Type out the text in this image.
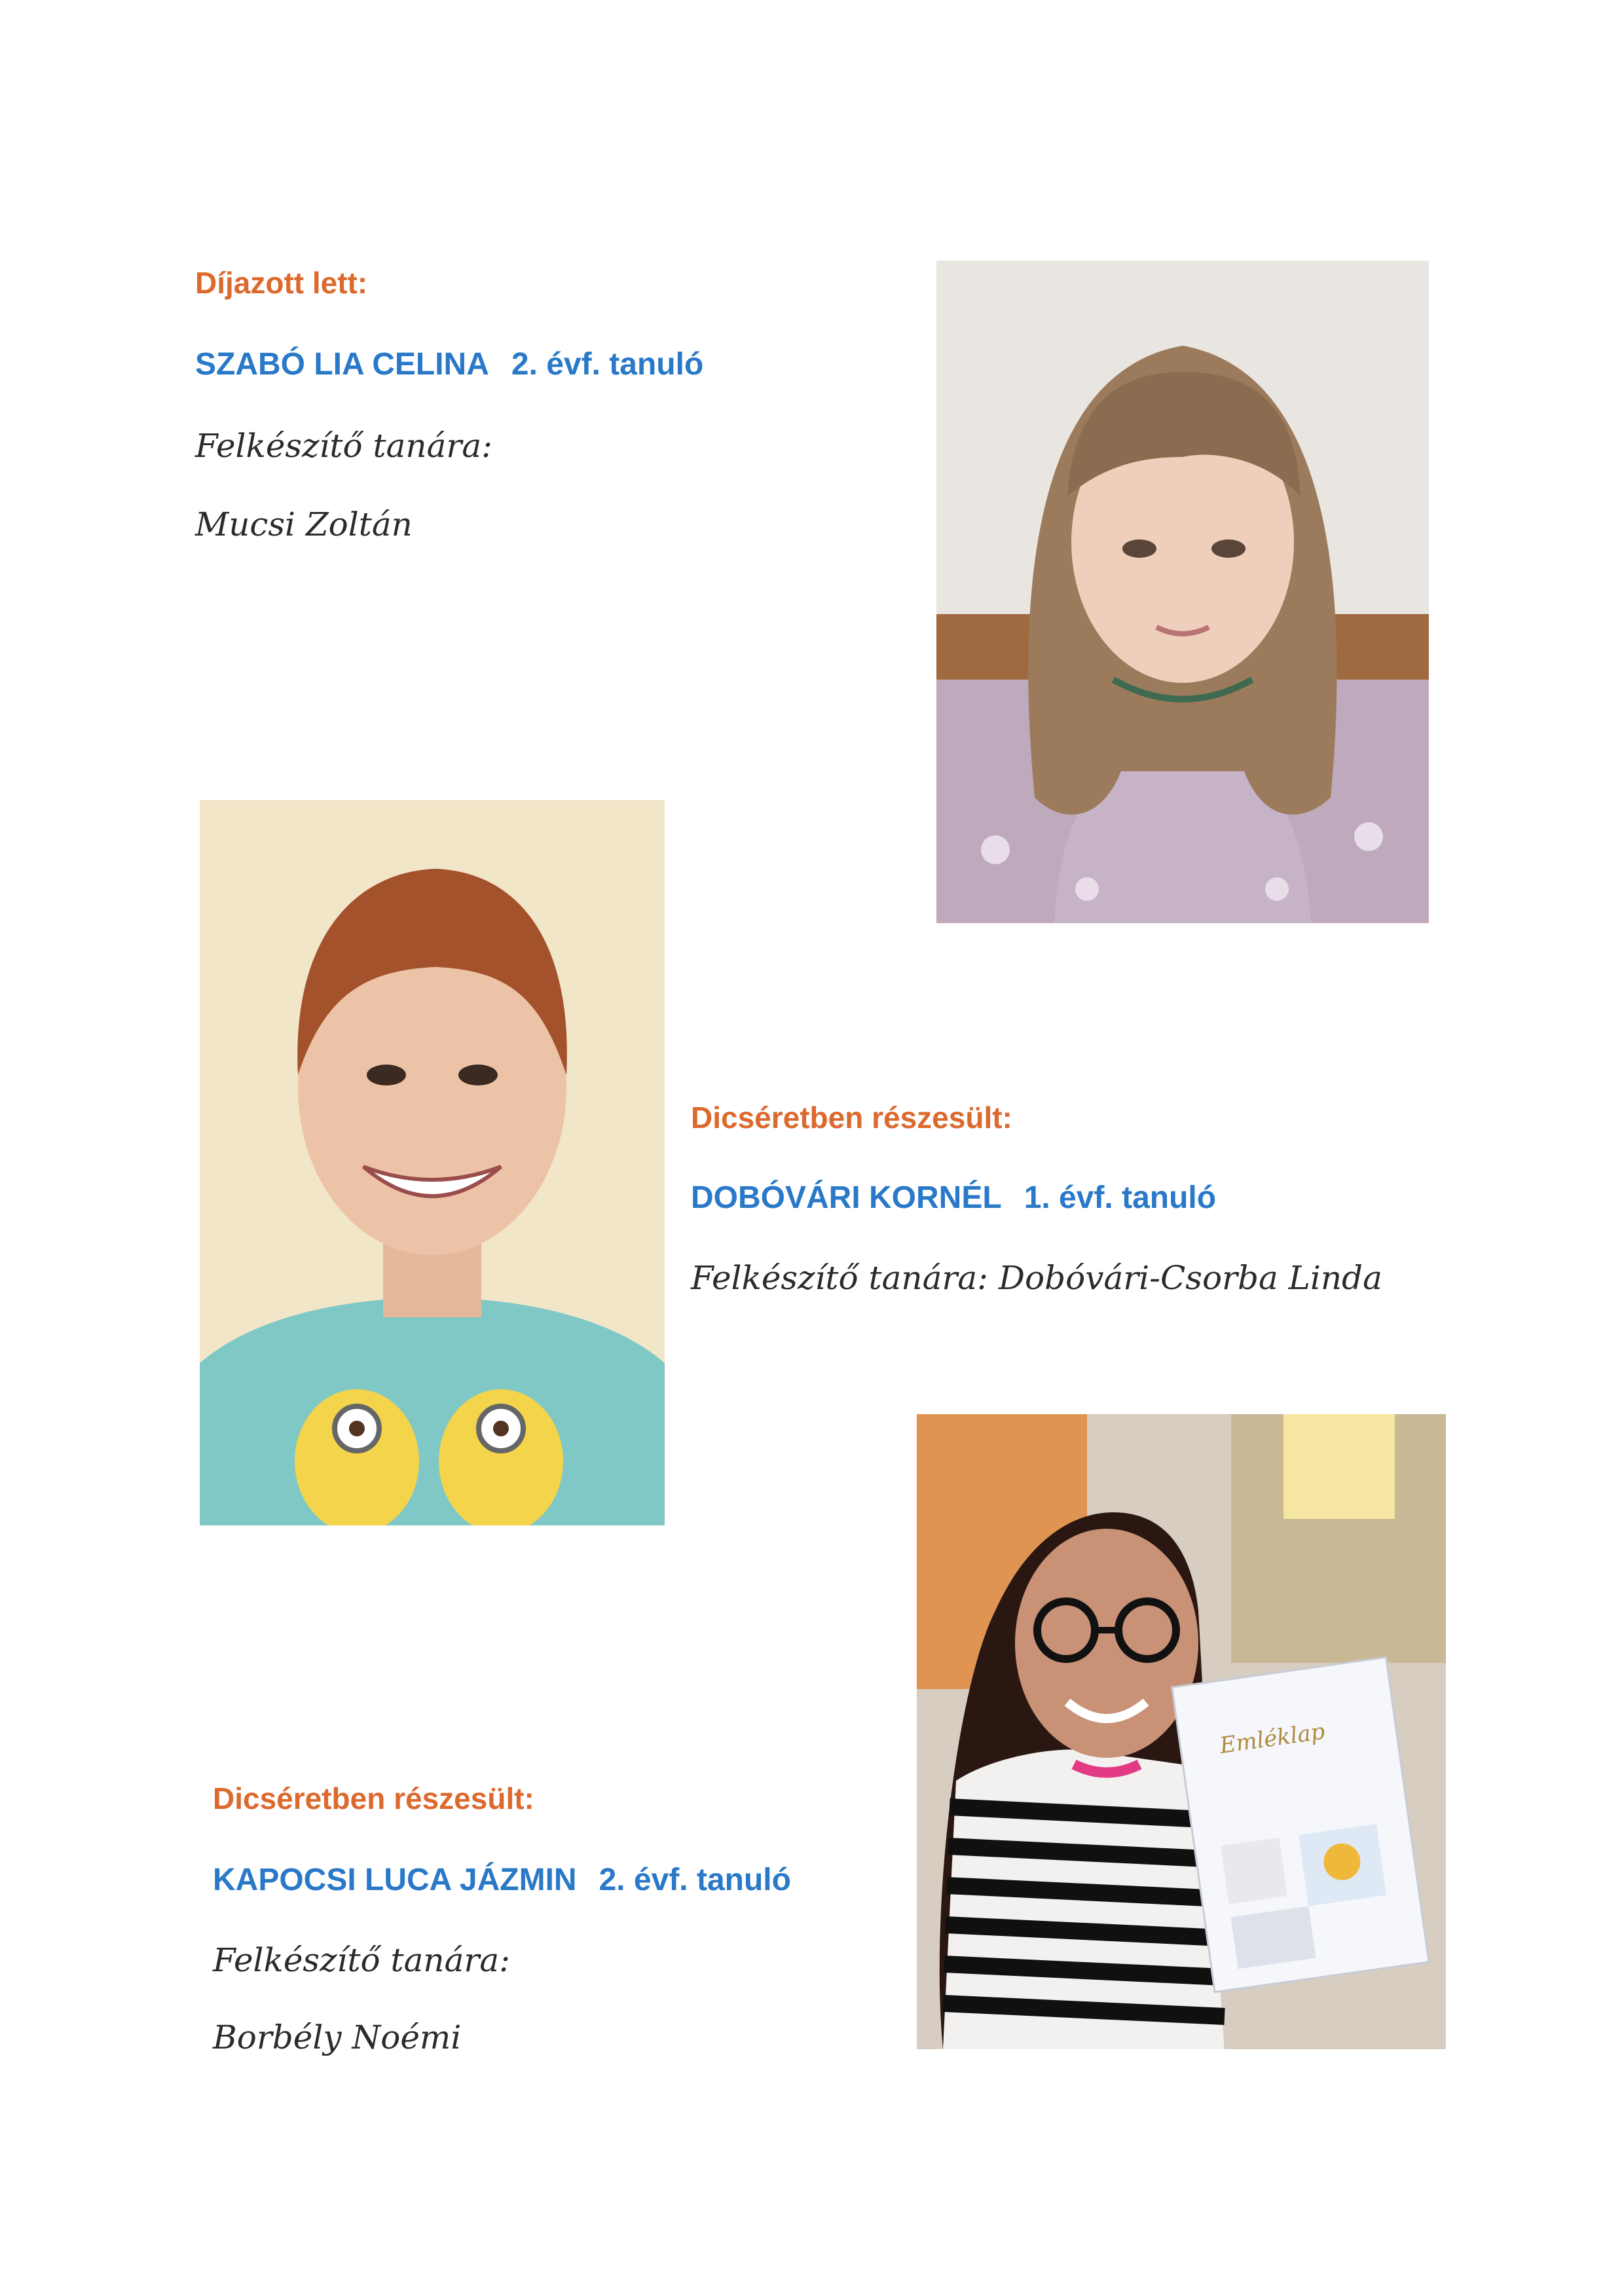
Díjazott lett:
SZABÓ LIA CELINA 2. évf. tanuló
Felkészítő tanára:
Mucsi Zoltán
Dicséretben részesült:
DOBÓVÁRI KORNÉL 1. évf. tanuló
Felkészítő tanára: Dobóvári-Csorba Linda
Emléklap
Dicséretben részesült:
KAPOCSI LUCA JÁZMIN 2. évf. tanuló
Felkészítő tanára:
Borbély Noémi
